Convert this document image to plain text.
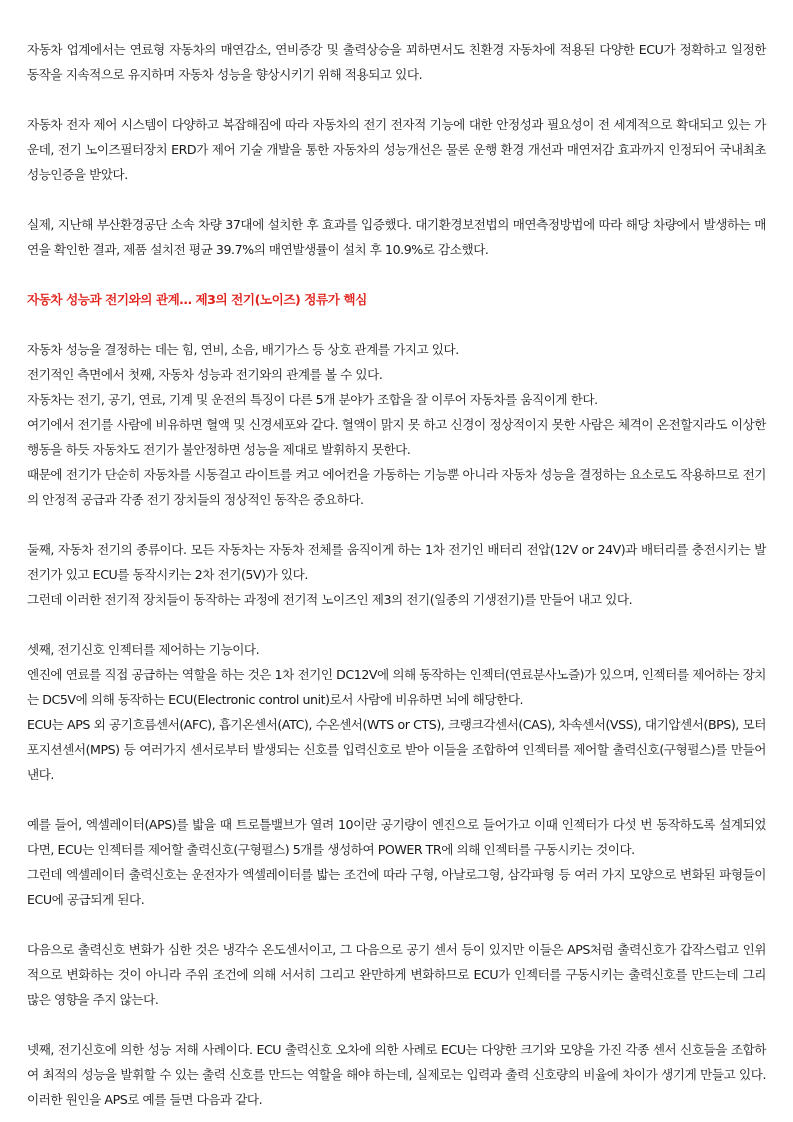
자동차 업계에서는 연료형 자동차의 매연감소, 연비증강 및 출력상승을 꾀하면서도 친환경 자동차에 적용된 다양한 ECU가 정확하고 일정한 동작을 지속적으로 유지하며 자동차 성능을 향상시키기 위해 적용되고 있다.

자동차 전자 제어 시스템이 다양하고 복잡해짐에 따라 자동차의 전기 전자적 기능에 대한 안정성과 필요성이 전 세계적으로 확대되고 있는 가운데, 전기 노이즈필터장치 ERD가 제어 기술 개발을 통한 자동차의 성능개선은 물론 운행 환경 개선과 매연저감 효과까지 인정되어 국내최초 성능인증을 받았다.

실제, 지난해 부산환경공단 소속 차량 37대에 설치한 후 효과를 입증했다. 대기환경보전법의 매연측정방법에 따라 해당 차량에서 발생하는 매연을 확인한 결과, 제품 설치전 평균 39.7%의 매연발생률이 설치 후 10.9%로 감소했다.

자동차 성능과 전기와의 관계… 제3의 전기(노이즈) 정류가 핵심

자동차 성능을 결정하는 데는 힘, 연비, 소음, 배기가스 등 상호 관계를 가지고 있다.

전기적인 측면에서 첫째, 자동차 성능과 전기와의 관계를 볼 수 있다.

자동차는 전기, 공기, 연료, 기계 및 운전의 특징이 다른 5개 분야가 조합을 잘 이루어 자동차를 움직이게 한다.

여기에서 전기를 사람에 비유하면 혈액 및 신경세포와 같다. 혈액이 맑지 못 하고 신경이 정상적이지 못한 사람은 체격이 온전할지라도 이상한 행동을 하듯 자동차도 전기가 불안정하면 성능을 제대로 발휘하지 못한다.

때문에 전기가 단순히 자동차를 시동걸고 라이트를 켜고 에어컨을 가동하는 기능뿐 아니라 자동차 성능을 결정하는 요소로도 작용하므로 전기의 안정적 공급과 각종 전기 장치들의 정상적인 동작은 중요하다.

둘째, 자동차 전기의 종류이다. 모든 자동차는 자동차 전체를 움직이게 하는 1차 전기인 배터리 전압(12V or 24V)과 배터리를 충전시키는 발전기가 있고 ECU를 동작시키는 2차 전기(5V)가 있다.

그런데 이러한 전기적 장치들이 동작하는 과정에 전기적 노이즈인 제3의 전기(일종의 기생전기)를 만들어 내고 있다.

셋째, 전기신호 인젝터를 제어하는 기능이다.

엔진에 연료를 직접 공급하는 역할을 하는 것은 1차 전기인 DC12V에 의해 동작하는 인젝터(연료분사노즐)가 있으며, 인젝터를 제어하는 장치는 DC5V에 의해 동작하는 ECU(Electronic control unit)로서 사람에 비유하면 뇌에 해당한다.

ECU는 APS 외 공기흐름센서(AFC), 흡기온센서(ATC), 수온센서(WTS or CTS), 크랭크각센서(CAS), 차속센서(VSS), 대기압센서(BPS), 모터포지션센서(MPS) 등 여러가지 센서로부터 발생되는 신호를 입력신호로 받아 이들을 조합하여 인젝터를 제어할 출력신호(구형펄스)를 만들어 낸다.

예를 들어, 엑셀레이터(APS)를 밟을 때 트로틀밸브가 열려 10이란 공기량이 엔진으로 들어가고 이때 인젝터가 다섯 번 동작하도록 설계되었다면, ECU는 인젝터를 제어할 출력신호(구형펄스) 5개를 생성하여 POWER TR에 의해 인젝터를 구동시키는 것이다.

그런데 엑셀레이터 출력신호는 운전자가 엑셀레이터를 밟는 조건에 따라 구형, 아날로그형, 삼각파형 등 여러 가지 모양으로 변화된 파형들이 ECU에 공급되게 된다.

다음으로 출력신호 변화가 심한 것은 냉각수 온도센서이고, 그 다음으로 공기 센서 등이 있지만 이들은 APS처럼 출력신호가 갑작스럽고 인위적으로 변화하는 것이 아니라 주위 조건에 의해 서서히 그리고 완만하게 변화하므로 ECU가 인젝터를 구동시키는 출력신호를 만드는데 그리 많은 영향을 주지 않는다.

넷째, 전기신호에 의한 성능 저해 사례이다. ECU 출력신호 오차에 의한 사례로 ECU는 다양한 크기와 모양을 가진 각종 센서 신호들을 조합하여 최적의 성능을 발휘할 수 있는 출력 신호를 만드는 역할을 해야 하는데, 실제로는 입력과 출력 신호량의 비율에 차이가 생기게 만들고 있다. 이러한 원인을 APS로 예를 들면 다음과 같다.
